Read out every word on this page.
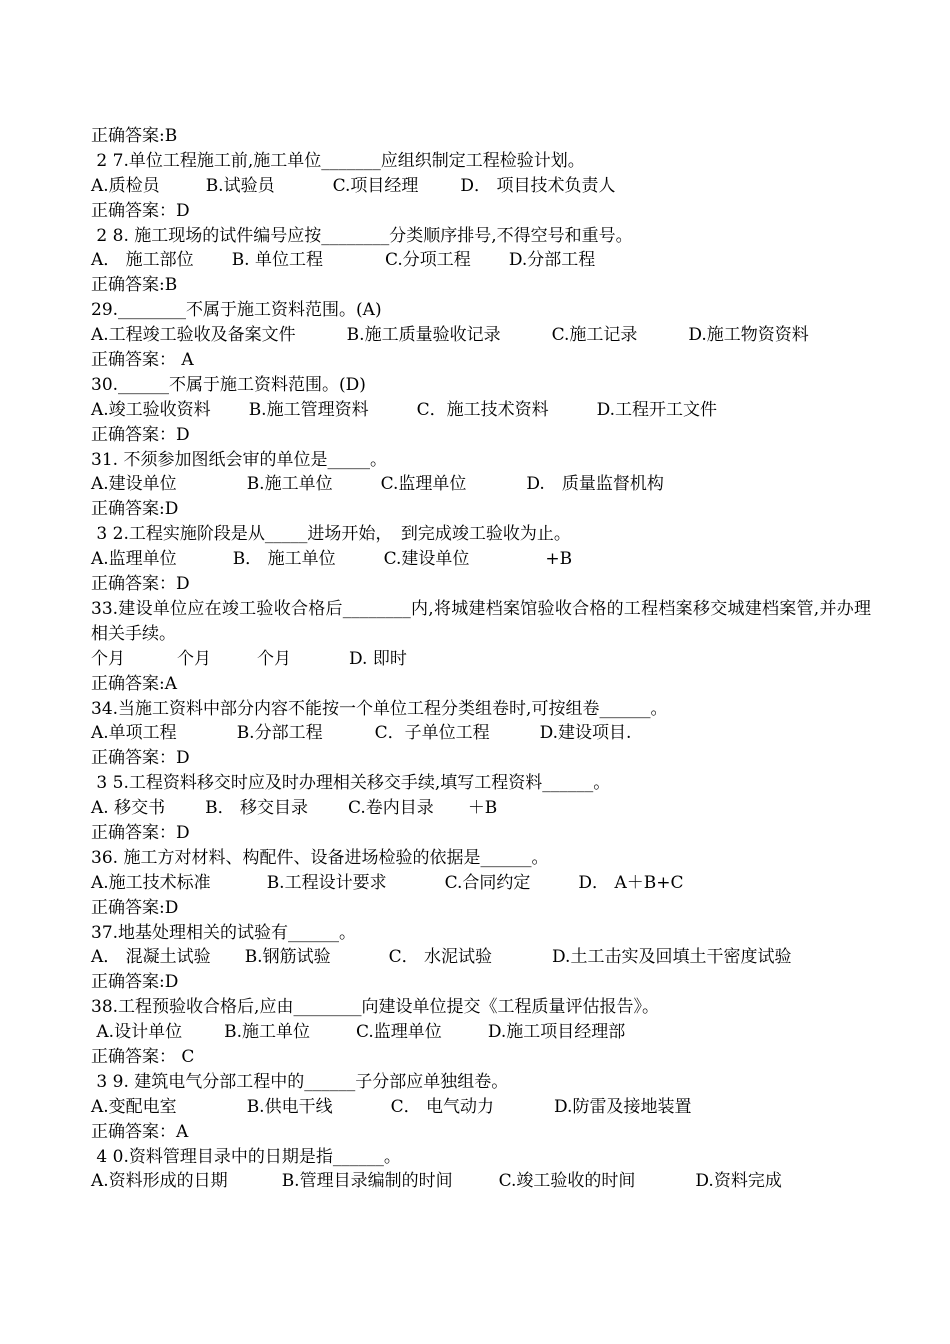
正确答案:B
2 7.单位工程施工前,施工单位_______应组织制定工程检验计划。
A.质检员	B.试验员	C.项目经理 D． 项目技术负责人
正确答案：D
2 8. 施工现场的试件编号应按________分类顺序排号,不得空号和重号。
A． 施工部位 B. 单位工程	C.分项工程 D.分部工程
正确答案:B
29.________不属于施工资料范围。(A)
A.工程竣工验收及备案文件　　　B.施工质量验收记录　　　C.施工记录　　　D.施工物资资料
正确答案： A
30.______不属于施工资料范围。(D)
A.竣工验收资料 B.施工管理资料	C．施工技术资料	D.工程开工文件
正确答案：D
31. 不须参加图纸会审的单位是_____。
A.建设单位	B.施工单位	C.监理单位	D.　质量监督机构
正确答案:D
3 2.工程实施阶段是从_____进场开始，　到完成竣工验收为止。
A.监理单位	B． 施工单位	C.建设单位	+B
正确答案：D
33.建设单位应在竣工验收合格后________内,将城建档案馆验收合格的工程档案移交城建档案管,并办理相关手续。
个月	个月	个月	D. 即时
正确答案:A
34.当施工资料中部分内容不能按一个单位工程分类组卷时,可按组卷______。
A.单项工程	B.分部工程	C．子单位工程	D.建设项目.
正确答案：D
3 5.工程资料移交时应及时办理相关移交手续,填写工程资料______。
A. 移交书 B． 移交目录 C.卷内目录 ＋B
正确答案：D
36. 施工方对材料、构配件、设备进场检验的依据是______。
A.施工技术标准	B.工程设计要求	C.合同约定	D． A＋B+C
正确答案:D
37.地基处理相关的试验有______。
A． 混凝土试验 B.钢筋试验	C． 水泥试验	D.土工击实及回填土干密度试验
正确答案:D
38.工程预验收合格后,应由________向建设单位提交《工程质量评估报告》。
A.设计单位 B.施工单位	C.监理单位	D.施工项目经理部
正确答案： C
3 9. 建筑电气分部工程中的______子分部应单独组卷。
A.变配电室	B.供电干线	C． 电气动力	D.防雷及接地装置
正确答案：A
4 0.资料管理目录中的日期是指______。
A.资料形成的日期	B.管理目录编制的时间	C.竣工验收的时间	D.资料完成
